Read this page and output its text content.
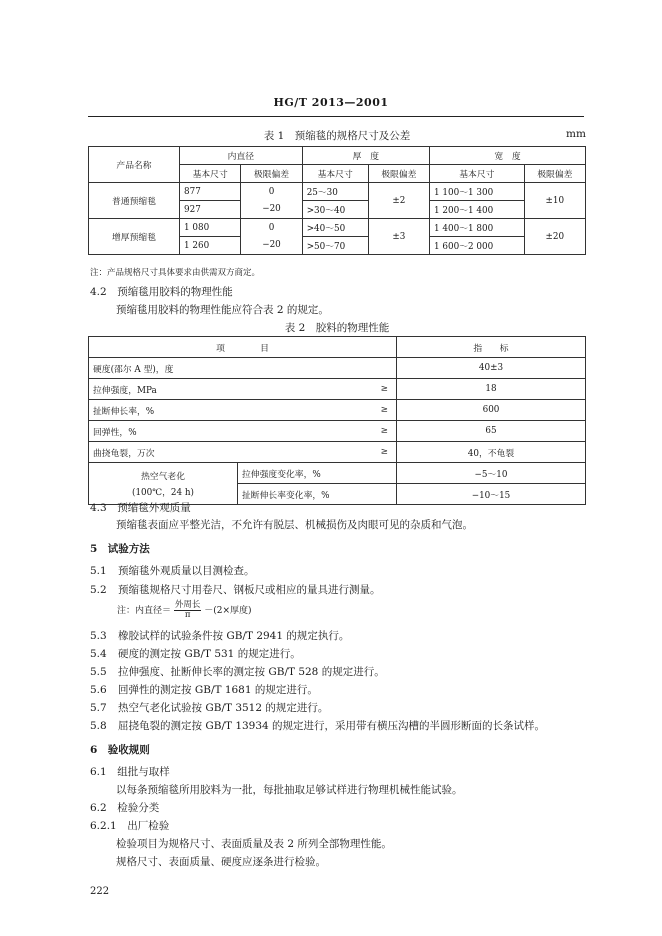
HG/T 2013—2001
表 1　预缩毯的规格尺寸及公差	mm
产品名称	内直径		厚　度		宽　度	
	基本尺寸	极限偏差	基本尺寸	极限偏差	基本尺寸	极限偏差
普通预缩毯	877	0	25～30	±2	1 100～1 300	±10
	927	−20	>30～40		1 200～1 400	
增厚预缩毯	1 080	0	>40～50	±3	1 400～1 800	±20
	1 260	−20	>50～70		1 600～2 000	
注：产品规格尺寸具体要求由供需双方商定。
4.2　预缩毯用胶料的物理性能
预缩毯用胶料的物理性能应符合表 2 的规定。
表 2　胶料的物理性能
项　　　　目		指　　标
硬度(邵尔 A 型)，度		40±3
拉伸强度，MPa	≥	18
扯断伸长率，%	≥	600
回弹性，%	≥	65
曲挠龟裂，万次	≥	40，不龟裂

热空气老化
(100℃，24 h)	拉伸强度变化率，%	−5～10
	扯断伸长率变化率，%	−10～15
4.3　预缩毯外观质量
预缩毯表面应平整光洁，不允许有脱层、机械损伤及肉眼可见的杂质和气泡。
5　试验方法
5.1 预缩毯外观质量以目测检查。
5.2 预缩毯规格尺寸用卷尺、钢板尺或相应的量具进行测量。
注：内直径＝ $\frac{\text{外周长}}{\pi} -(2\times$厚度)
5.3 橡胶试样的试验条件按 GB/T 2941 的规定执行。
5.4 硬度的测定按 GB/T 531 的规定进行。
5.5 拉伸强度、扯断伸长率的测定按 GB/T 528 的规定进行。
5.6 回弹性的测定按 GB/T 1681 的规定进行。
5.7 热空气老化试验按 GB/T 3512 的规定进行。
5.8 屈挠龟裂的测定按 GB/T 13934 的规定进行，采用带有横压沟槽的半圆形断面的长条试样。
6　验收规则
6.1　组批与取样
以每条预缩毯所用胶料为一批，每批抽取足够试样进行物理机械性能试验。
6.2　检验分类
6.2.1　出厂检验
检验项目为规格尺寸、表面质量及表 2 所列全部物理性能。
规格尺寸、表面质量、硬度应逐条进行检验。
222
